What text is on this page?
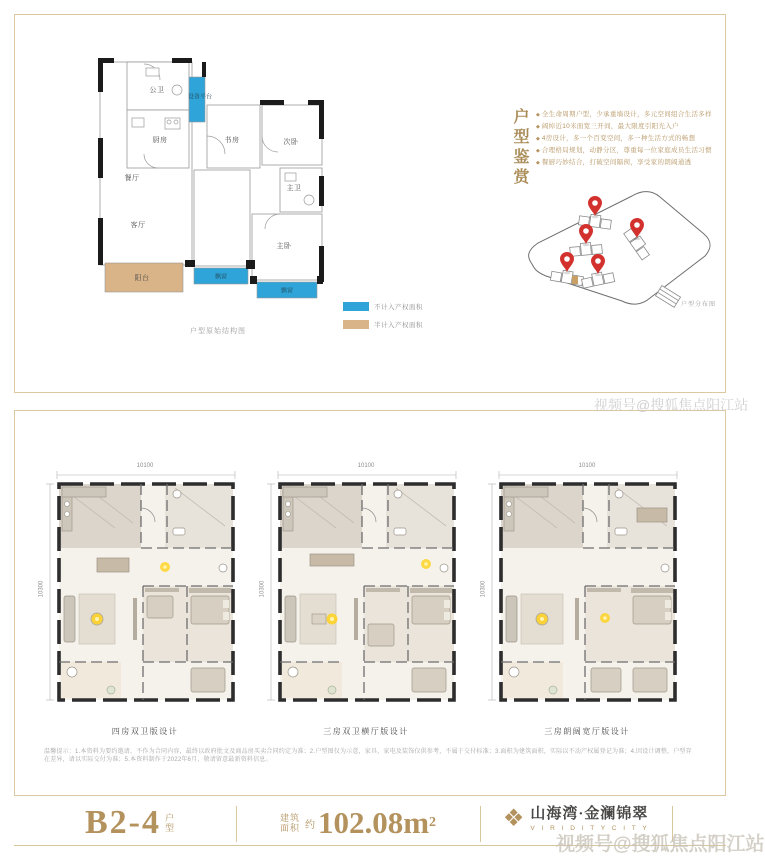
公卫
设备平台
厨房	书房	次卧
餐厅
客厅
主卫
主卧
阳台	飘窗
飘窗
户型原始结构图
不计入产权面积
半计入产权面积
户型鉴赏	◆ 全生命周期户型，少承重墙设计，多元空间组合生活多样
◆ 阔绰近10米面宽三开间，最大限度引阳光入户
◆ 4房设计，多一个百变空间，多一种生活方式的畅想
◆ 合理格局规划，动静分区，尊重每一位家庭成员生活习惯
◆ 餐厨巧妙结合，打破空间隔阂，享受家的朗阔通透
户型分布图
10100
10300
10100
10300
10100
10300
四房双卫版设计	三房双卫横厅版设计	三房朗阔宽厅版设计
温馨提示：1.本资料为要约邀请，不作为合同内容，最终以政府批文及商品房买卖合同约定为准；2.户型图仅为示意，家具、家电及装饰仅供参考，不属于交付标准；3.面积为建筑面积，实际以不动产权属登记为准；4.因设计调整，户型存在差异，请以实际交付为准；5.本资料制作于2022年6月，敬请留意最新资料信息。
B2-4 户
型
建筑
面积 约 102.08m 2	❖ 山海湾·金澜锦翠
V I R I D I T Y C I T Y
视频号@搜狐焦点阳江站
视频号@搜狐焦点阳江站
